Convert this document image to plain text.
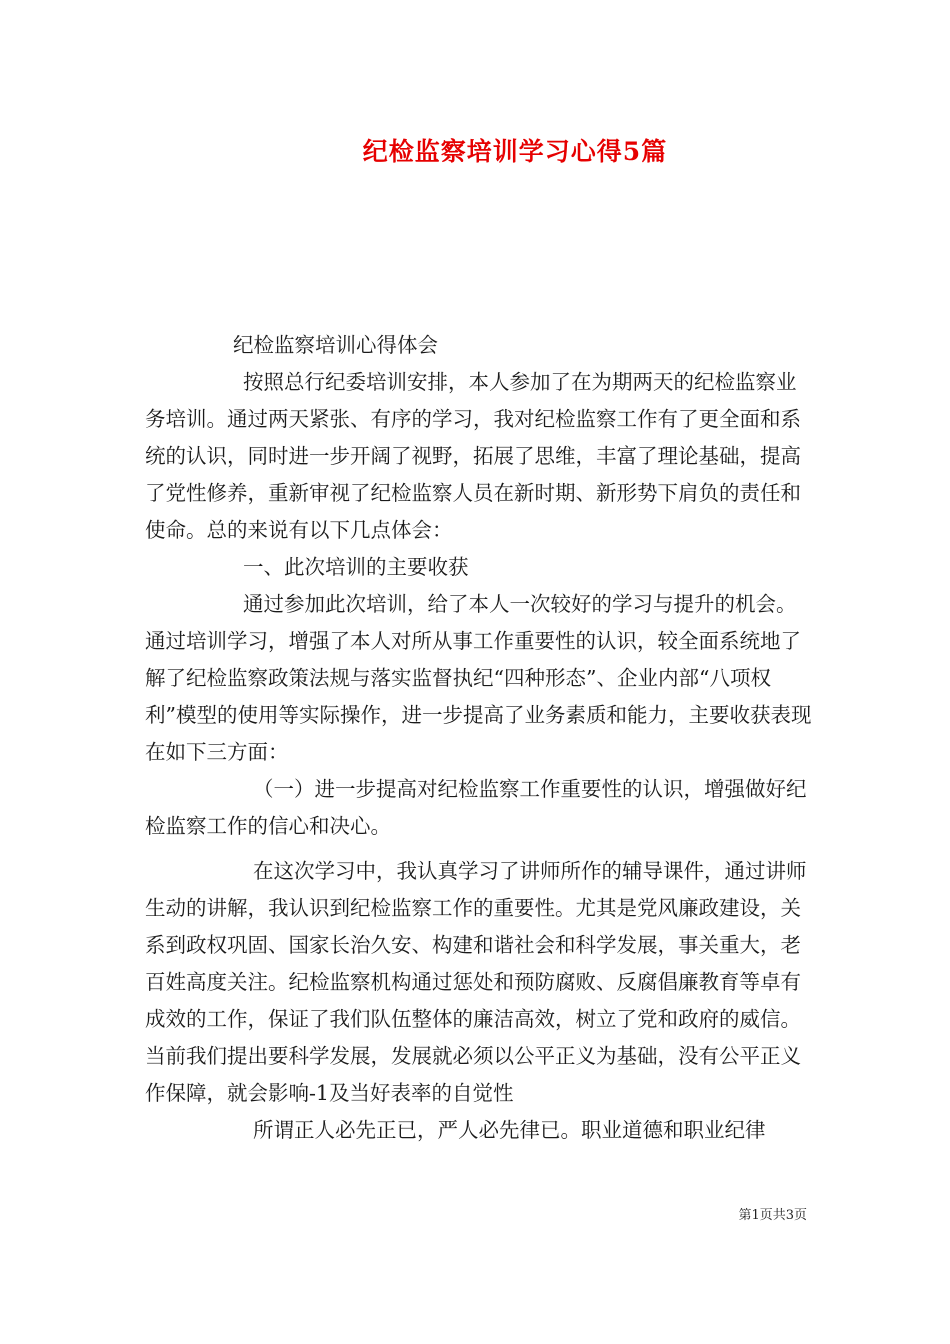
纪检监察培训学习心得5篇

纪检监察培训心得体会

按照总行纪委培训安排，本人参加了在为期两天的纪检监察业务培训。通过两天紧张、有序的学习，我对纪检监察工作有了更全面和系统的认识，同时进一步开阔了视野，拓展了思维，丰富了理论基础，提高了党性修养，重新审视了纪检监察人员在新时期、新形势下肩负的责任和使命。总的来说有以下几点体会：

一、此次培训的主要收获

通过参加此次培训，给了本人一次较好的学习与提升的机会。通过培训学习，增强了本人对所从事工作重要性的认识，较全面系统地了解了纪检监察政策法规与落实监督执纪“四种形态”、企业内部“八项权利”模型的使用等实际操作，进一步提高了业务素质和能力，主要收获表现在如下三方面：

（一）进一步提高对纪检监察工作重要性的认识，增强做好纪检监察工作的信心和决心。

在这次学习中，我认真学习了讲师所作的辅导课件，通过讲师生动的讲解，我认识到纪检监察工作的重要性。尤其是党风廉政建设，关系到政权巩固、国家长治久安、构建和谐社会和科学发展，事关重大，老百姓高度关注。纪检监察机构通过惩处和预防腐败、反腐倡廉教育等卓有成效的工作，保证了我们队伍整体的廉洁高效，树立了党和政府的威信。当前我们提出要科学发展，发展就必须以公平正义为基础，没有公平正义作保障，就会影响-1及当好表率的自觉性

所谓正人必先正已，严人必先律已。职业道德和职业纪律

第1页共3页
